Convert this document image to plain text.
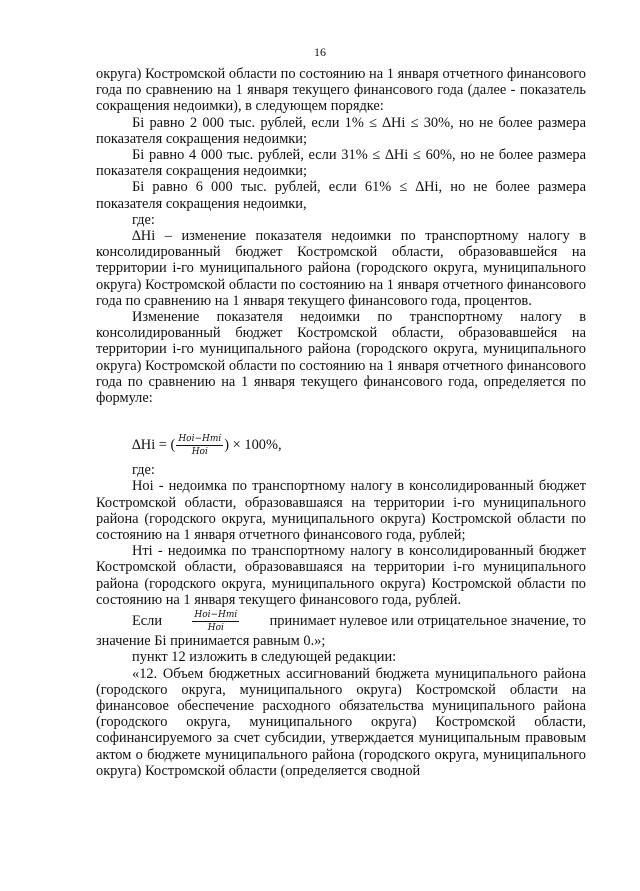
16

округа) Костромской области по состоянию на 1 января отчетного финансового года по сравнению на 1 января текущего финансового года (далее - показатель сокращения недоимки), в следующем порядке:

Бi равно 2 000 тыс. рублей, если 1% ≤ ∆Нi ≤ 30%, но не более размера показателя сокращения недоимки;

Бi равно 4 000 тыс. рублей, если 31% ≤ ∆Нi ≤ 60%, но не более размера показателя сокращения недоимки;

Бi равно 6 000 тыс. рублей, если 61% ≤ ∆Нi, но не более размера показателя сокращения недоимки,

где:

∆Нi – изменение показателя недоимки по транспортному налогу в консолидированный бюджет Костромской области, образовавшейся на территории i-го муниципального района (городского округа, муниципального округа) Костромской области по состоянию на 1 января отчетного финансового года по сравнению на 1 января текущего финансового года, процентов.

Изменение показателя недоимки по транспортному налогу в консолидированный бюджет Костромской области, образовавшейся на территории i-го муниципального района (городского округа, муниципального округа) Костромской области по состоянию на 1 января отчетного финансового года по сравнению на 1 января текущего финансового года, определяется по формуле:

∆Нi = ( $\frac{\text{Hoi−Hтi}}{\text{Hoi}}$ ) × 100%,

где:

Ноi - недоимка по транспортному налогу в консолидированный бюджет Костромской области, образовавшаяся на территории i-го муниципального района (городского округа, муниципального округа) Костромской области по состоянию на 1 января отчетного финансового года, рублей;

Нтi - недоимка по транспортному налогу в консолидированный бюджет Костромской области, образовавшаяся на территории i-го муниципального района (городского округа, муниципального округа) Костромской области по состоянию на 1 января текущего финансового года, рублей.

Если	$\frac{\text{Hoi−Hтi}}{\text{Hoi}}$ принимает нулевое или отрицательное значение, то

значение Бi принимается равным 0.»;

пункт 12 изложить в следующей редакции:

«12. Объем бюджетных ассигнований бюджета муниципального района (городского округа, муниципального округа) Костромской области на финансовое обеспечение расходного обязательства муниципального района (городского округа, муниципального округа) Костромской области, софинансируемого за счет субсидии, утверждается муниципальным правовым актом о бюджете муниципального района (городского округа, муниципального округа) Костромской области (определяется сводной
